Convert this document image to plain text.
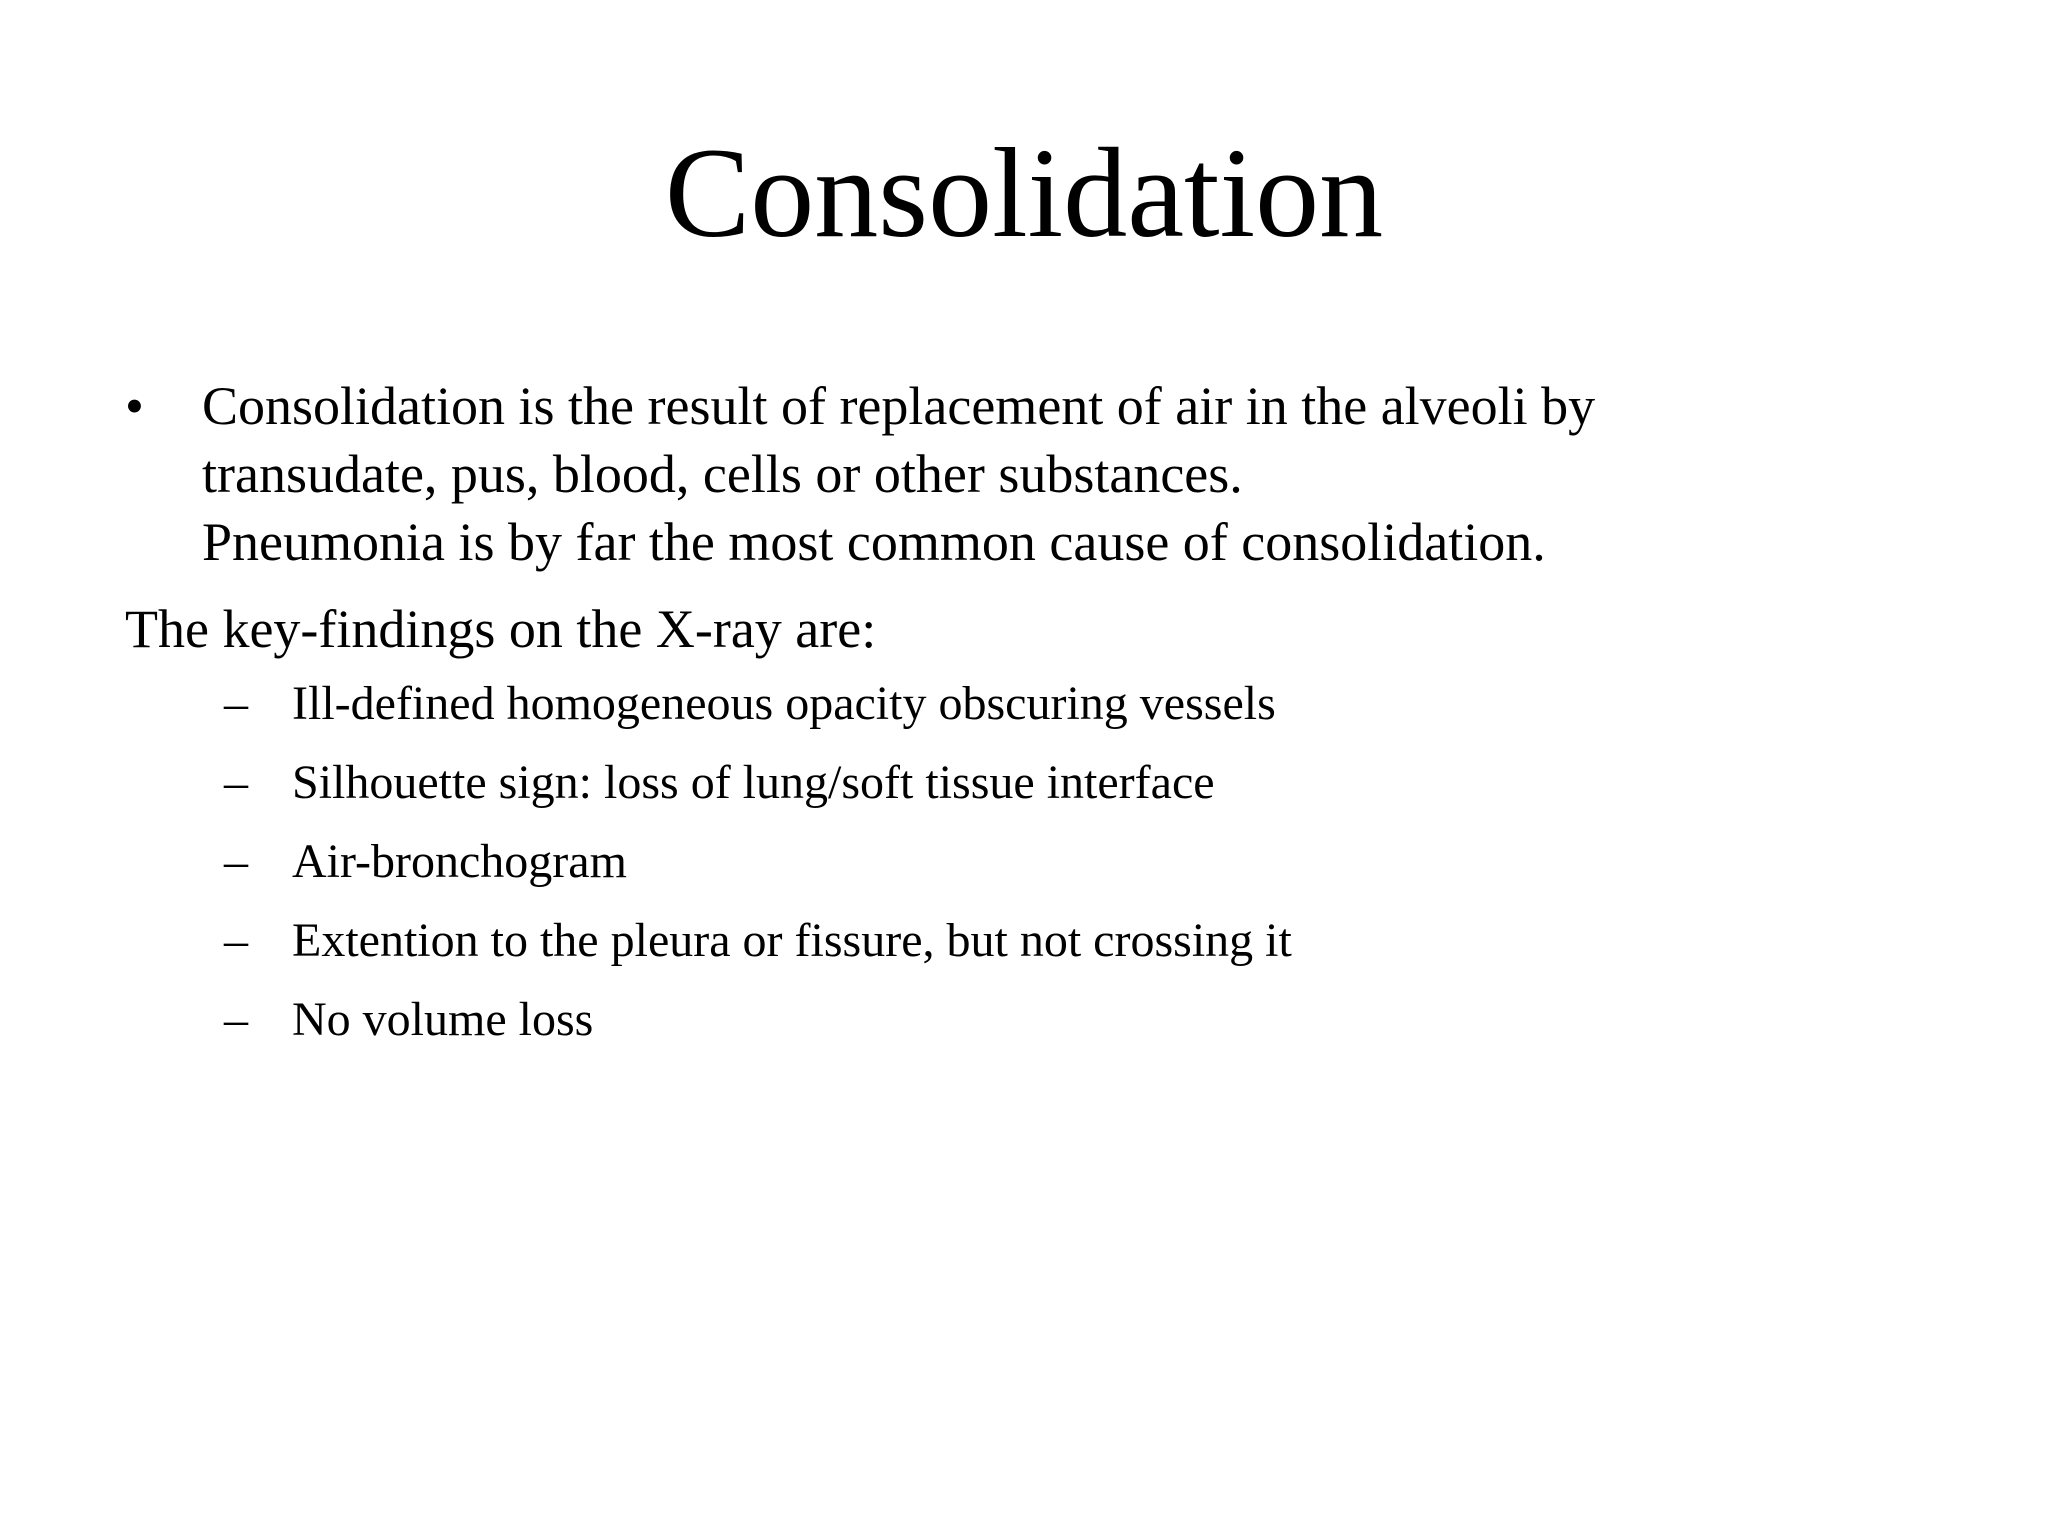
Consolidation
•	Consolidation is the result of replacement of air in the alveoli by
transudate, pus, blood, cells or other substances.
Pneumonia is by far the most common cause of consolidation.
The key-findings on the X-ray are:
– Ill-defined homogeneous opacity obscuring vessels
– Silhouette sign: loss of lung/soft tissue interface
– Air-bronchogram
– Extention to the pleura or fissure, but not crossing it
– No volume loss
